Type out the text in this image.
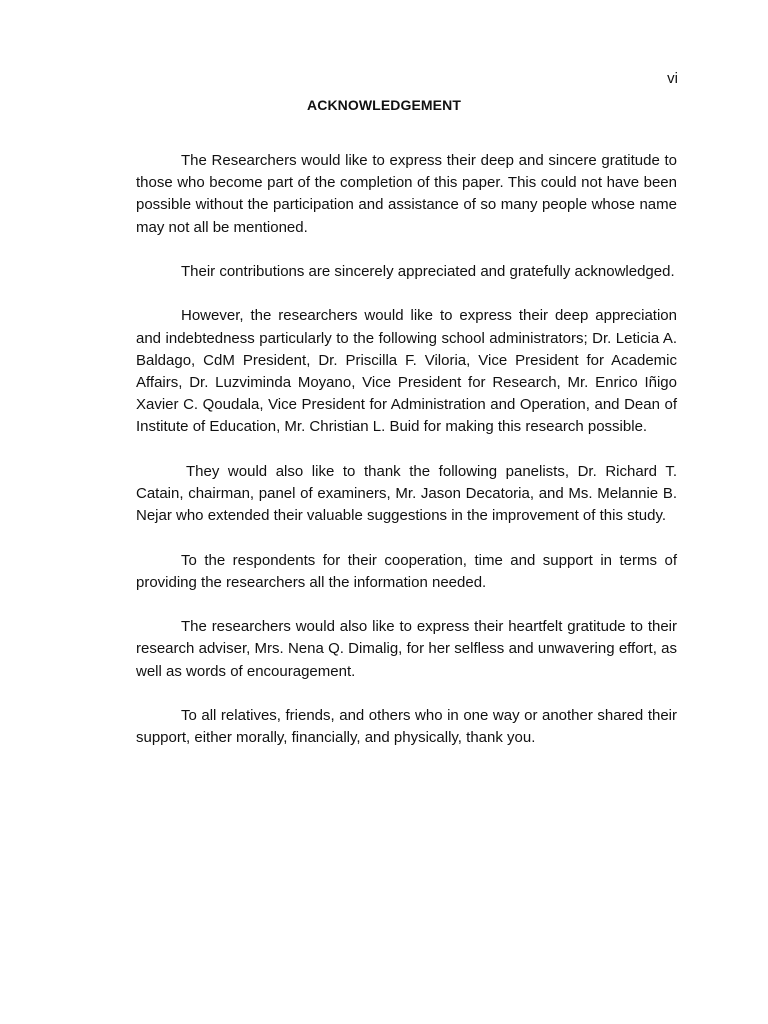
vi
ACKNOWLEDGEMENT

The Researchers would like to express their deep and sincere gratitude to those who become part of the completion of this paper. This could not have been possible without the participation and assistance of so many people whose name may not all be mentioned.

Their contributions are sincerely appreciated and gratefully acknowledged.

However, the researchers would like to express their deep appreciation and indebtedness particularly to the following school administrators; Dr. Leticia A. Baldago, CdM President, Dr. Priscilla F. Viloria, Vice President for Academic Affairs, Dr. Luzviminda Moyano, Vice President for Research, Mr. Enrico Iñigo Xavier C. Qoudala, Vice President for Administration and Operation, and Dean of Institute of Education, Mr. Christian L. Buid for making this research possible.

They would also like to thank the following panelists, Dr. Richard T. Catain, chairman, panel of examiners, Mr. Jason Decatoria, and Ms. Melannie B. Nejar who extended their valuable suggestions in the improvement of this study.

To the respondents for their cooperation, time and support in terms of providing the researchers all the information needed.

The researchers would also like to express their heartfelt gratitude to their research adviser, Mrs. Nena Q. Dimalig, for her selfless and unwavering effort, as well as words of encouragement.

To all relatives, friends, and others who in one way or another shared their support, either morally, financially, and physically, thank you.
